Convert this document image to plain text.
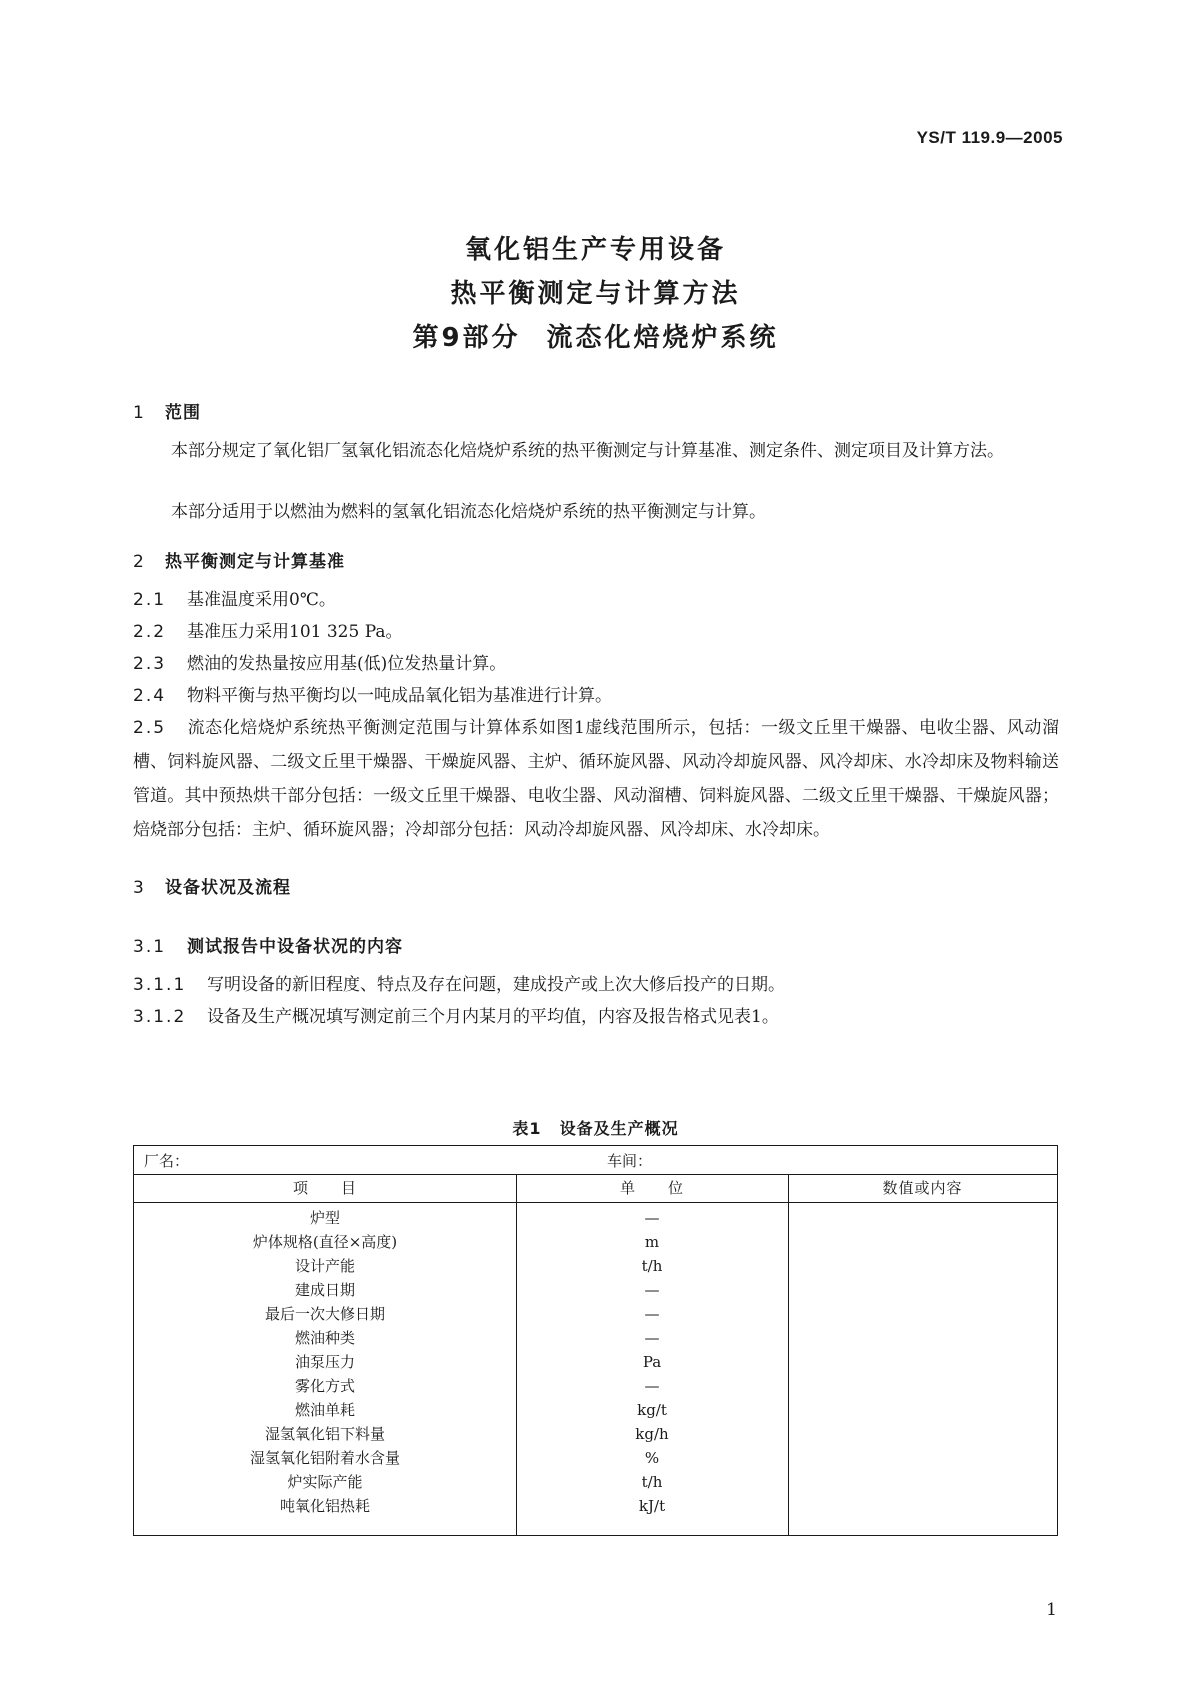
YS/T 119.9—2005
氧化铝生产专用设备
热平衡测定与计算方法
第9部分 流态化焙烧炉系统
1 范围
本部分规定了氧化铝厂氢氧化铝流态化焙烧炉系统的热平衡测定与计算基准、测定条件、测定项目及计算方法。
本部分适用于以燃油为燃料的氢氧化铝流态化焙烧炉系统的热平衡测定与计算。
2 热平衡测定与计算基准
2.1 基准温度采用0℃。
2.2 基准压力采用101 325 Pa。
2.3 燃油的发热量按应用基(低)位发热量计算。
2.4 物料平衡与热平衡均以一吨成品氧化铝为基准进行计算。
2.5 流态化焙烧炉系统热平衡测定范围与计算体系如图1虚线范围所示，包括：一级文丘里干燥器、电收尘器、风动溜槽、饲料旋风器、二级文丘里干燥器、干燥旋风器、主炉、循环旋风器、风动冷却旋风器、风冷却床、水冷却床及物料输送管道。其中预热烘干部分包括：一级文丘里干燥器、电收尘器、风动溜槽、饲料旋风器、二级文丘里干燥器、干燥旋风器；焙烧部分包括：主炉、循环旋风器；冷却部分包括：风动冷却旋风器、风冷却床、水冷却床。
3 设备状况及流程
3.1 测试报告中设备状况的内容
3.1.1 写明设备的新旧程度、特点及存在问题，建成投产或上次大修后投产的日期。
3.1.2 设备及生产概况填写测定前三个月内某月的平均值，内容及报告格式见表1。
表1 设备及生产概况
厂名：	车间：
项　　目	单　　位	数值或内容
炉型	—
炉体规格(直径×高度)	m
设计产能	t/h
建成日期	—
最后一次大修日期	—
燃油种类	—
油泵压力	Pa
雾化方式	—
燃油单耗	kg/t
湿氢氧化铝下料量	kg/h
湿氢氧化铝附着水含量	%
炉实际产能	t/h
吨氧化铝热耗	kJ/t
1
